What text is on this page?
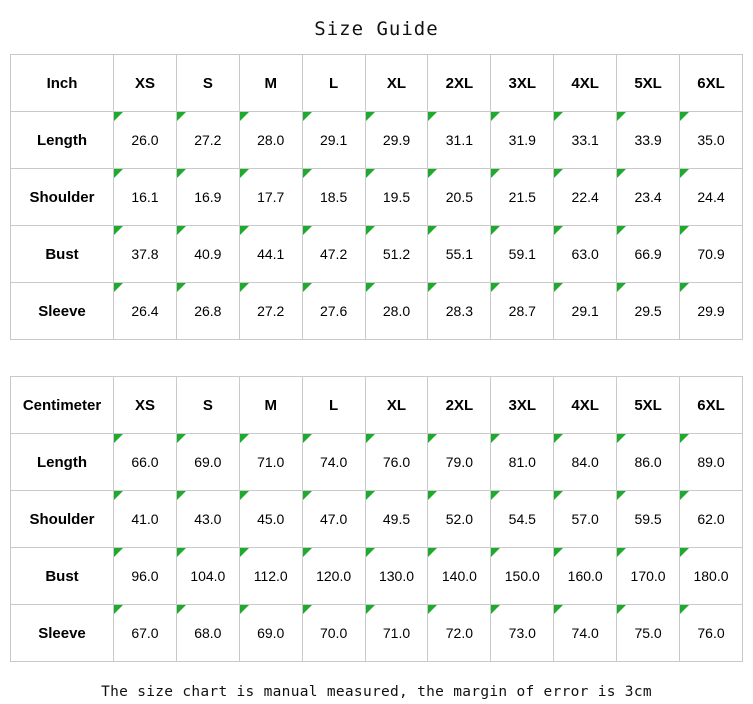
Size Guide
Inch	XS	S	M	L	XL	2XL	3XL	4XL	5XL	6XL
Length	26.0	27.2	28.0	29.1	29.9	31.1	31.9	33.1	33.9	35.0
Shoulder	16.1	16.9	17.7	18.5	19.5	20.5	21.5	22.4	23.4	24.4
Bust	37.8	40.9	44.1	47.2	51.2	55.1	59.1	63.0	66.9	70.9
Sleeve	26.4	26.8	27.2	27.6	28.0	28.3	28.7	29.1	29.5	29.9
Centimeter	XS	S	M	L	XL	2XL	3XL	4XL	5XL	6XL
Length	66.0	69.0	71.0	74.0	76.0	79.0	81.0	84.0	86.0	89.0
Shoulder	41.0	43.0	45.0	47.0	49.5	52.0	54.5	57.0	59.5	62.0
Bust	96.0	104.0	112.0	120.0	130.0	140.0	150.0	160.0	170.0	180.0
Sleeve	67.0	68.0	69.0	70.0	71.0	72.0	73.0	74.0	75.0	76.0
The size chart is manual measured, the margin of error is 3cm
